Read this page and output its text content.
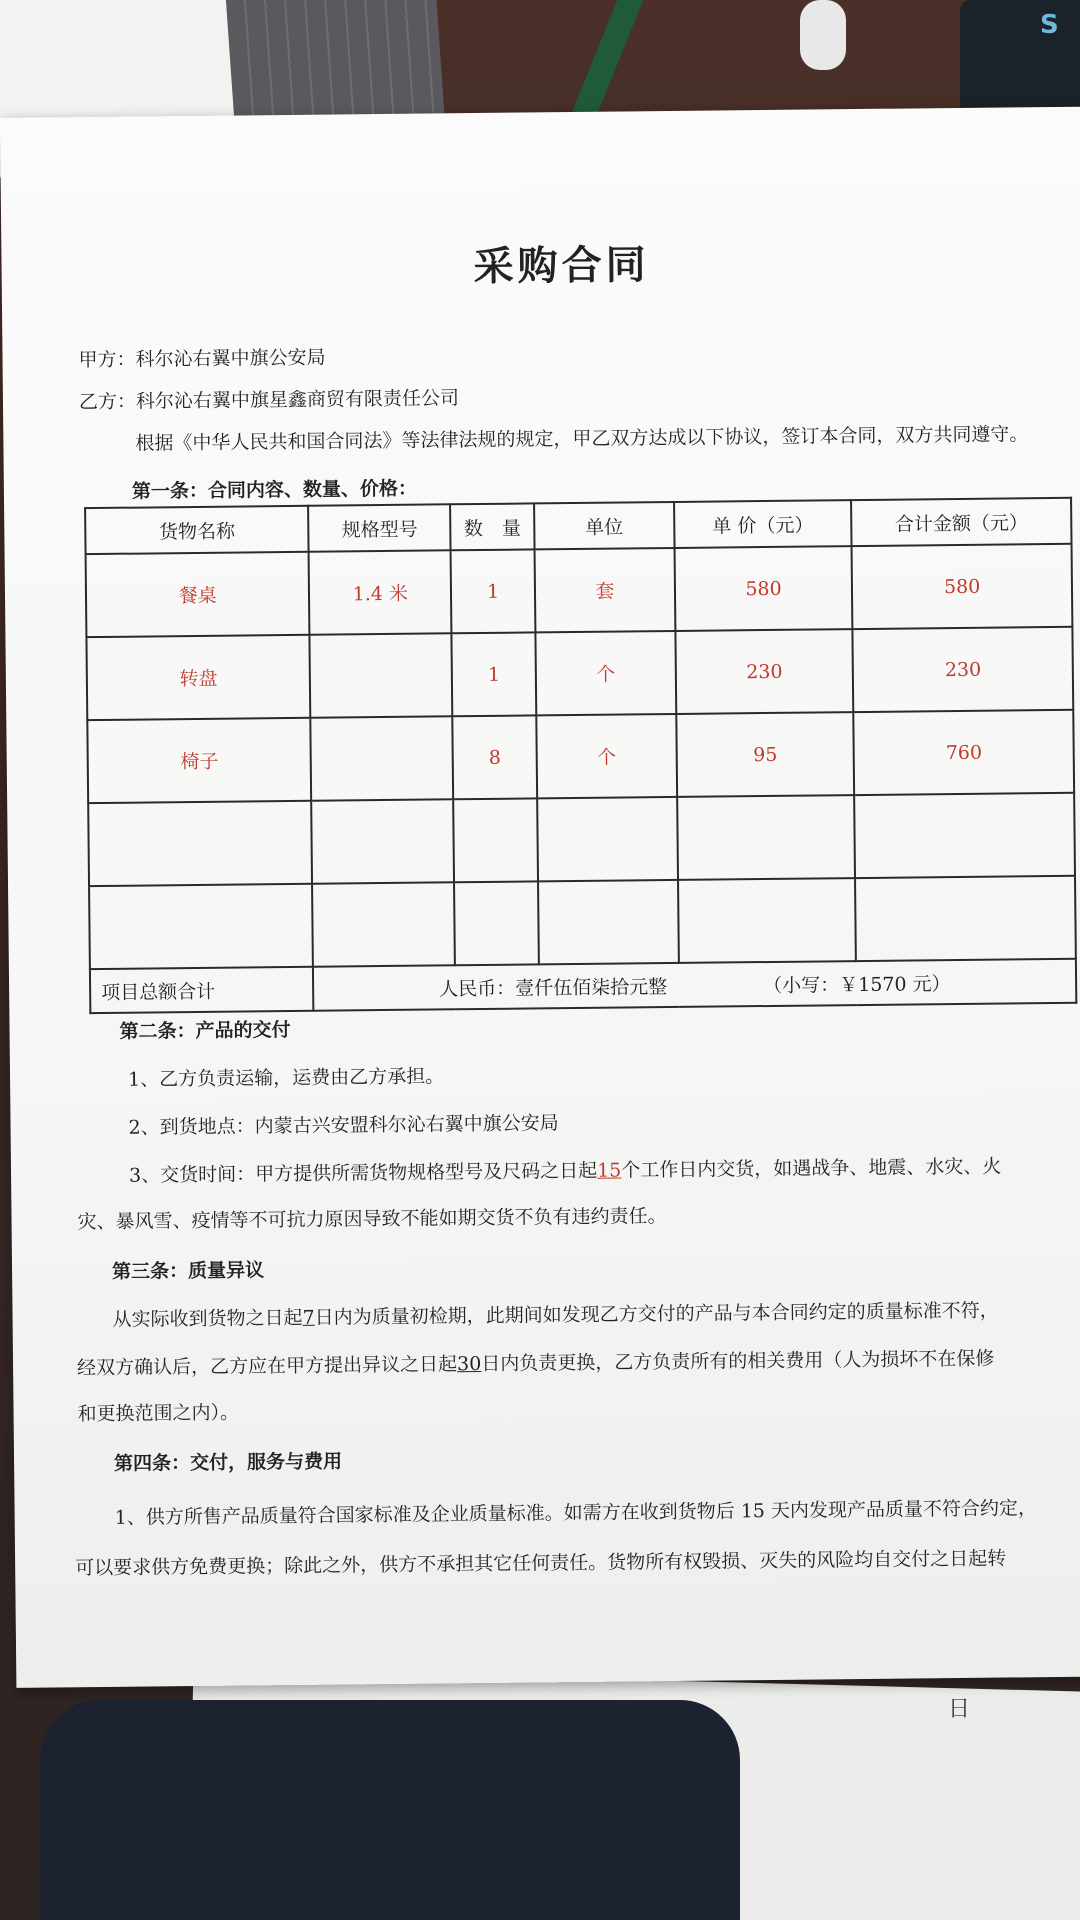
S
日
采购合同
甲方：科尔沁右翼中旗公安局
乙方：科尔沁右翼中旗星鑫商贸有限责任公司
根据《中华人民共和国合同法》等法律法规的规定，甲乙双方达成以下协议，签订本合同，双方共同遵守。
第一条：合同内容、数量、价格：
货物名称	规格型号	数　量	单位	单 价（元）	合计金额（元）
餐桌	1.4 米	1	套	580	580
转盘		1	个	230	230
椅子		8	个	95	760

项目总额合计	人民币：壹仟伍佰柒拾元整 （小写：￥1570 元）				
第二条：产品的交付
1、乙方负责运输，运费由乙方承担。
2、到货地点：内蒙古兴安盟科尔沁右翼中旗公安局
3、交货时间：甲方提供所需货物规格型号及尺码之日起15个工作日内交货，如遇战争、地震、水灾、火
灾、暴风雪、疫情等不可抗力原因导致不能如期交货不负有违约责任。
第三条：质量异议
从实际收到货物之日起7日内为质量初检期，此期间如发现乙方交付的产品与本合同约定的质量标准不符，
经双方确认后，乙方应在甲方提出异议之日起30日内负责更换，乙方负责所有的相关费用（人为损坏不在保修
和更换范围之内）。
第四条：交付，服务与费用
1、供方所售产品质量符合国家标准及企业质量标准。如需方在收到货物后 15 天内发现产品质量不符合约定，
可以要求供方免费更换；除此之外，供方不承担其它任何责任。货物所有权毁损、灭失的风险均自交付之日起转
